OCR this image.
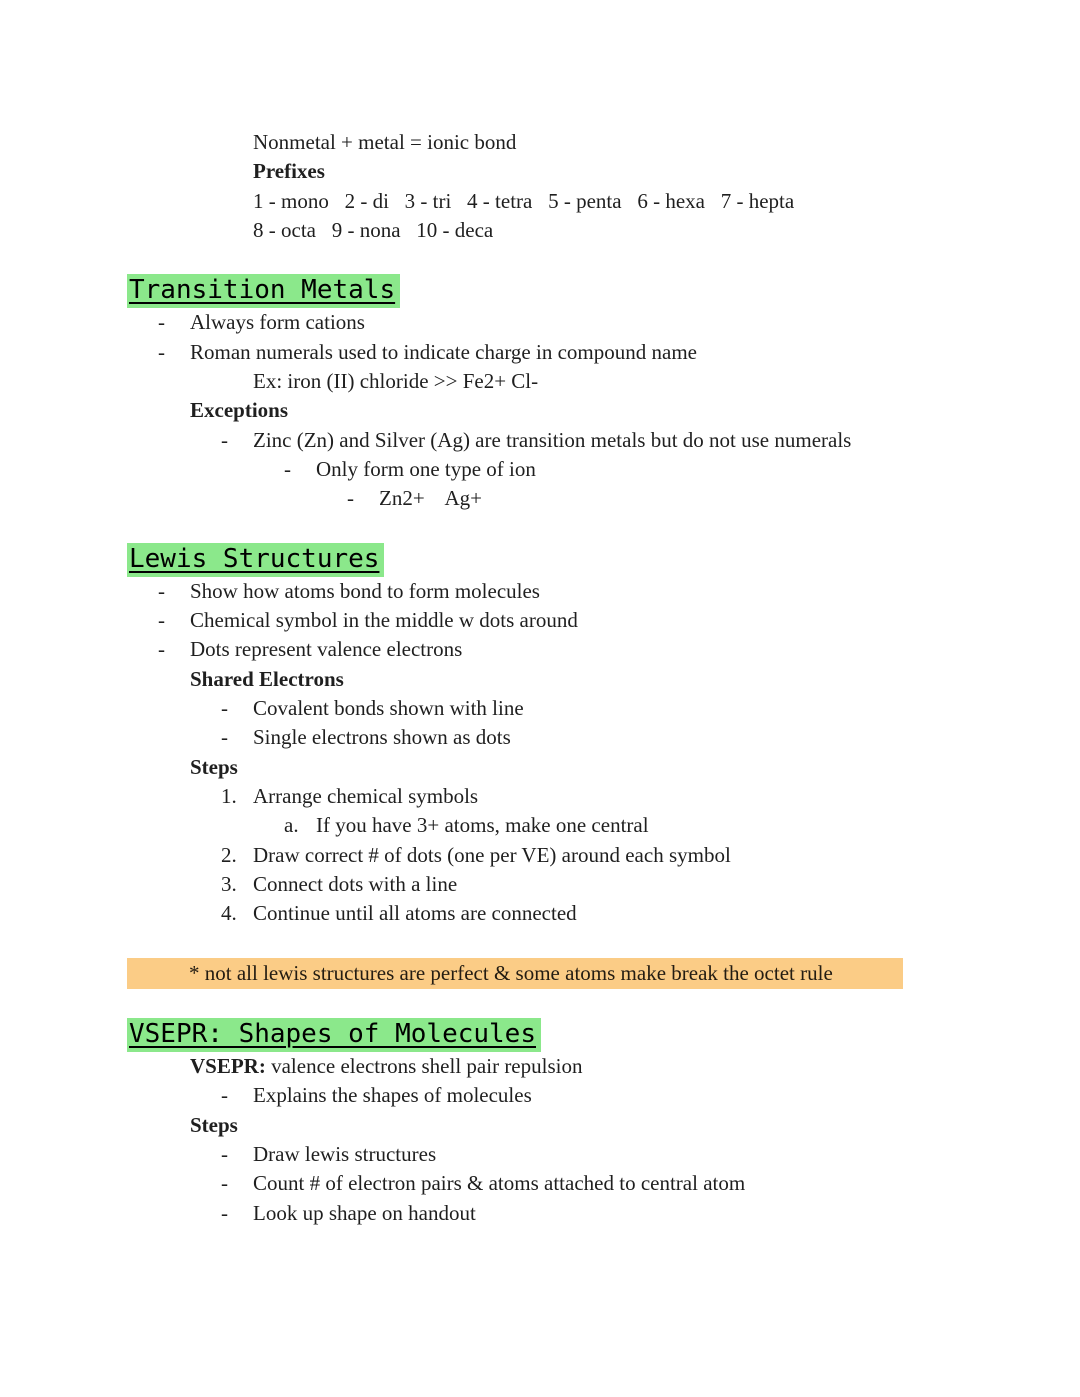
Nonmetal + metal = ionic bond
Prefixes
1 - mono   2 - di   3 - tri   4 - tetra   5 - penta   6 - hexa   7 - hepta
8 - octa   9 - nona   10 - deca
Transition Metals
-	Always form cations
-	Roman numerals used to indicate charge in compound name
Ex: iron (II) chloride >> Fe2+ Cl-
Exceptions
-	Zinc (Zn) and Silver (Ag) are transition metals but do not use numerals
-	Only form one type of ion
-	Zn2+    Ag+
Lewis Structures
-	Show how atoms bond to form molecules
-	Chemical symbol in the middle w dots around
-	Dots represent valence electrons
Shared Electrons
-	Covalent bonds shown with line
-	Single electrons shown as dots
Steps
1. Arrange chemical symbols
a. If you have 3+ atoms, make one central
2. Draw correct # of dots (one per VE) around each symbol
3. Connect dots with a line
4. Continue until all atoms are connected
* not all lewis structures are perfect & some atoms make break the octet rule
VSEPR: Shapes of Molecules
VSEPR: valence electrons shell pair repulsion
-	Explains the shapes of molecules
Steps
-	Draw lewis structures
-	Count # of electron pairs & atoms attached to central atom
-	Look up shape on handout
